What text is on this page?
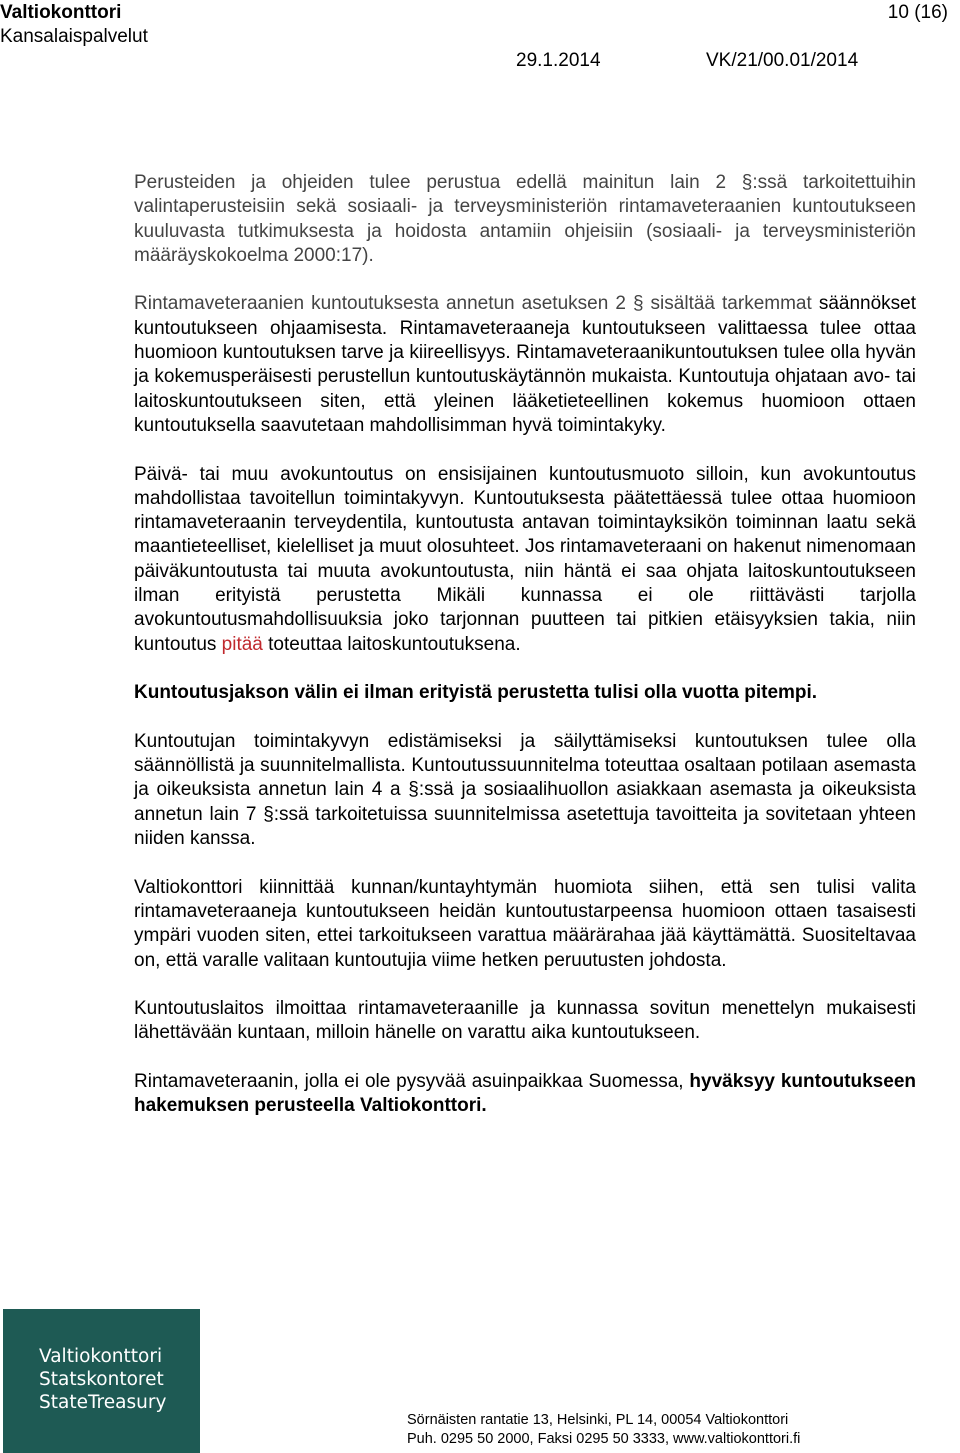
Valtiokonttori
Kansalaispalvelut
10 (16)
29.1.2014	VK/21/00.01/2014

Perusteiden ja ohjeiden tulee perustua edellä mainitun lain 2 §:ssä tarkoitettuihin valintaperusteisiin sekä sosiaali- ja terveysministeriön rintamaveteraanien kuntoutukseen kuuluvasta tutkimuksesta ja hoidosta antamiin ohjeisiin (sosiaali- ja terveysministeriön määräyskokoelma 2000:17).

Rintamaveteraanien kuntoutuksesta annetun asetuksen 2 § sisältää tarkemmat säännökset kuntoutukseen ohjaamisesta. Rintamaveteraaneja kuntoutukseen valittaessa tulee ottaa huomioon kuntoutuksen tarve ja kiireellisyys. Rintamaveteraanikuntoutuksen tulee olla hyvän ja kokemusperäisesti perustellun kuntoutuskäytännön mukaista. Kuntoutuja ohjataan avo- tai laitoskuntoutukseen siten, että yleinen lääketieteellinen kokemus huomioon ottaen kuntoutuksella saavutetaan mahdollisimman hyvä toimintakyky.

Päivä- tai muu avokuntoutus on ensisijainen kuntoutusmuoto silloin, kun avokuntoutus mahdollistaa tavoitellun toimintakyvyn. Kuntoutuksesta päätettäessä tulee ottaa huomioon rintamaveteraanin terveydentila, kuntoutusta antavan toimintayksikön toiminnan laatu sekä maantieteelliset, kielelliset ja muut olosuhteet. Jos rintamaveteraani on hakenut nimenomaan päiväkuntoutusta tai muuta avokuntoutusta, niin häntä ei saa ohjata laitoskuntoutukseen ilman erityistä perustetta Mikäli kunnassa ei ole riittävästi tarjolla avokuntoutusmahdollisuuksia joko tarjonnan puutteen tai pitkien etäisyyksien takia, niin kuntoutus pitää toteuttaa laitoskuntoutuksena.

Kuntoutusjakson välin ei ilman erityistä perustetta tulisi olla vuotta pitempi.

Kuntoutujan toimintakyvyn edistämiseksi ja säilyttämiseksi kuntoutuksen tulee olla säännöllistä ja suunnitelmallista. Kuntoutussuunnitelma toteuttaa osaltaan potilaan asemasta ja oikeuksista annetun lain 4 a §:ssä ja sosiaalihuollon asiakkaan asemasta ja oikeuksista annetun lain 7 §:ssä tarkoitetuissa suunnitelmissa asetettuja tavoitteita ja sovitetaan yhteen niiden kanssa.

Valtiokonttori kiinnittää kunnan/kuntayhtymän huomiota siihen, että sen tulisi valita rintamaveteraaneja kuntoutukseen heidän kuntoutustarpeensa huomioon ottaen tasaisesti ympäri vuoden siten, ettei tarkoitukseen varattua määrärahaa jää käyttämättä. Suositeltavaa on, että varalle valitaan kuntoutujia viime hetken peruutusten johdosta.

Kuntoutuslaitos ilmoittaa rintamaveteraanille ja kunnassa sovitun menettelyn mukaisesti lähettävään kuntaan, milloin hänelle on varattu aika kuntoutukseen.

Rintamaveteraanin, jolla ei ole pysyvää asuinpaikkaa Suomessa, hyväksyy kuntoutukseen hakemuksen perusteella Valtiokonttori.

Valtiokonttori
Statskontoret
StateTreasury
Sörnäisten rantatie 13, Helsinki, PL 14, 00054 Valtiokonttori
Puh. 0295 50 2000, Faksi 0295 50 3333, www.valtiokonttori.fi
